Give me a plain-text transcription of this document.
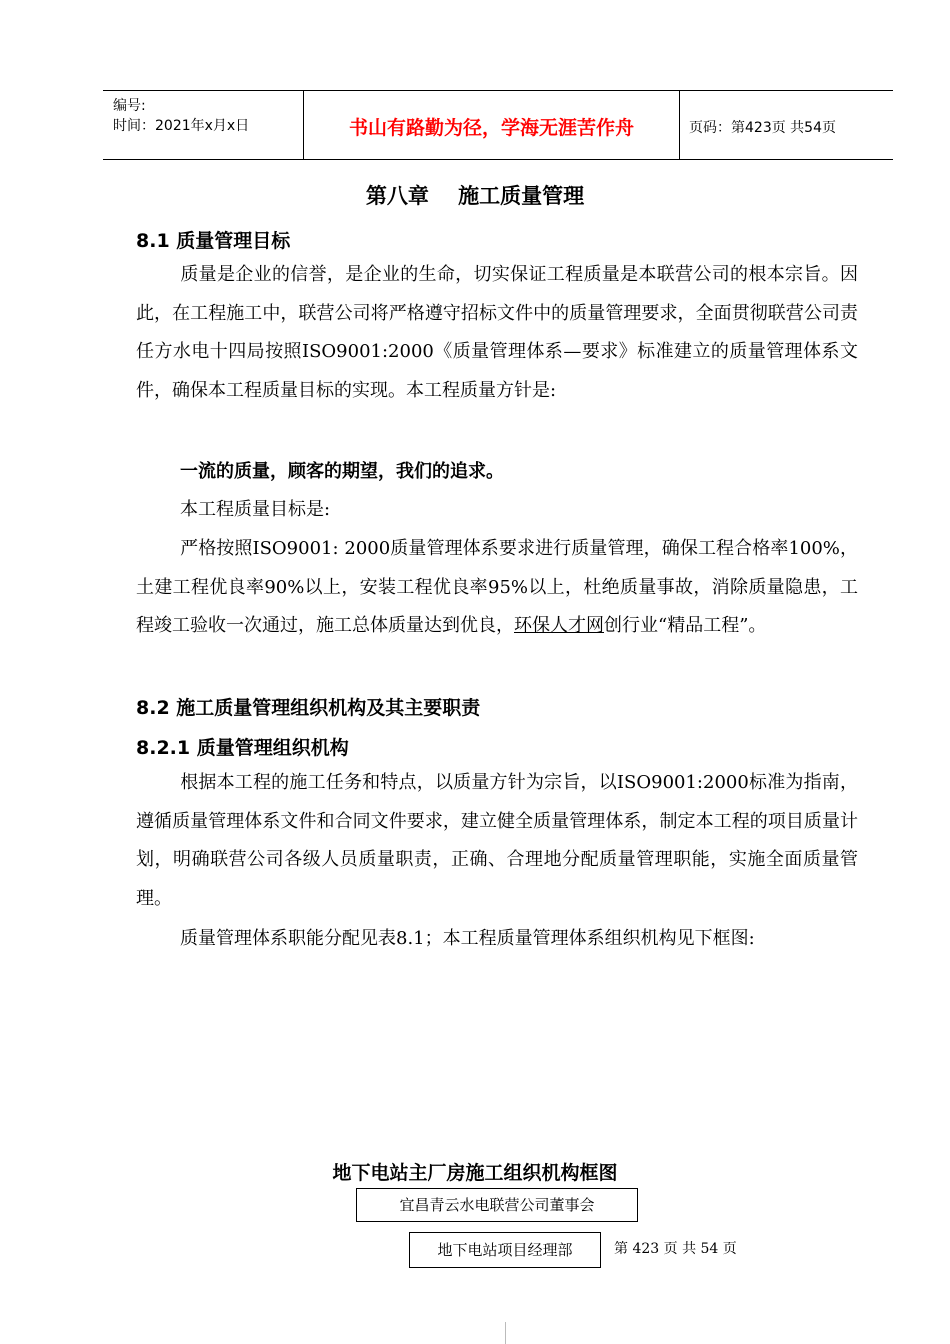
编号:
时间：2021年x月x日	书山有路勤为径，学海无涯苦作舟	页码：第423页 共54页
第八章    施工质量管理
8.1 质量管理目标
质量是企业的信誉，是企业的生命，切实保证工程质量是本联营公司的根本宗旨。因此，在工程施工中，联营公司将严格遵守招标文件中的质量管理要求，全面贯彻联营公司责任方水电十四局按照ISO9001:2000《质量管理体系—要求》标准建立的质量管理体系文件，确保本工程质量目标的实现。本工程质量方针是:
一流的质量，顾客的期望，我们的追求。
本工程质量目标是:
严格按照ISO9001: 2000质量管理体系要求进行质量管理，确保工程合格率100%，土建工程优良率90%以上，安装工程优良率95%以上，杜绝质量事故，消除质量隐患，工程竣工验收一次通过，施工总体质量达到优良，环保人才网创行业“精品工程”。
8.2 施工质量管理组织机构及其主要职责
8.2.1 质量管理组织机构
根据本工程的施工任务和特点，以质量方针为宗旨，以ISO9001:2000标准为指南，遵循质量管理体系文件和合同文件要求，建立健全质量管理体系，制定本工程的项目质量计划，明确联营公司各级人员质量职责，正确、合理地分配质量管理职能，实施全面质量管理。
质量管理体系职能分配见表8.1；本工程质量管理体系组织机构见下框图:
地下电站主厂房施工组织机构框图
宜昌青云水电联营公司董事会
地下电站项目经理部	第 423 页 共 54 页
